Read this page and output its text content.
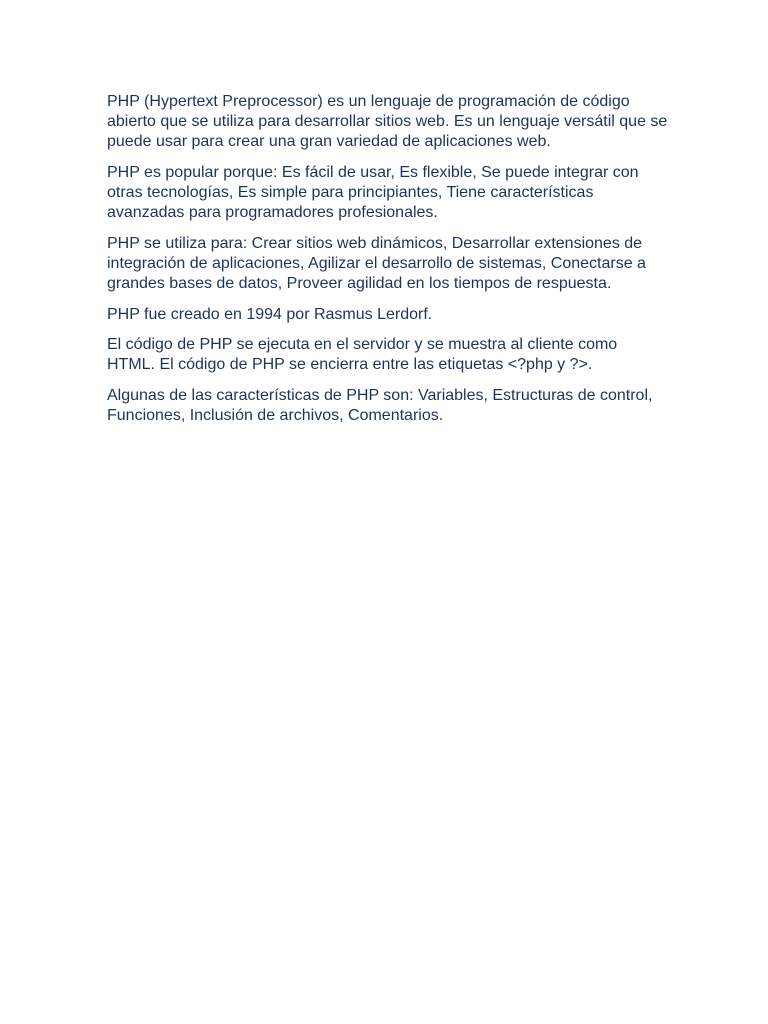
PHP (Hypertext Preprocessor) es un lenguaje de programación de código abierto que se utiliza para desarrollar sitios web. Es un lenguaje versátil que se puede usar para crear una gran variedad de aplicaciones web.

PHP es popular porque: Es fácil de usar, Es flexible, Se puede integrar con otras tecnologías, Es simple para principiantes, Tiene características avanzadas para programadores profesionales.

PHP se utiliza para: Crear sitios web dinámicos, Desarrollar extensiones de integración de aplicaciones, Agilizar el desarrollo de sistemas, Conectarse a grandes bases de datos, Proveer agilidad en los tiempos de respuesta.

PHP fue creado en 1994 por Rasmus Lerdorf.

El código de PHP se ejecuta en el servidor y se muestra al cliente como HTML. El código de PHP se encierra entre las etiquetas <?php y ?>.

Algunas de las características de PHP son: Variables, Estructuras de control, Funciones, Inclusión de archivos, Comentarios.
